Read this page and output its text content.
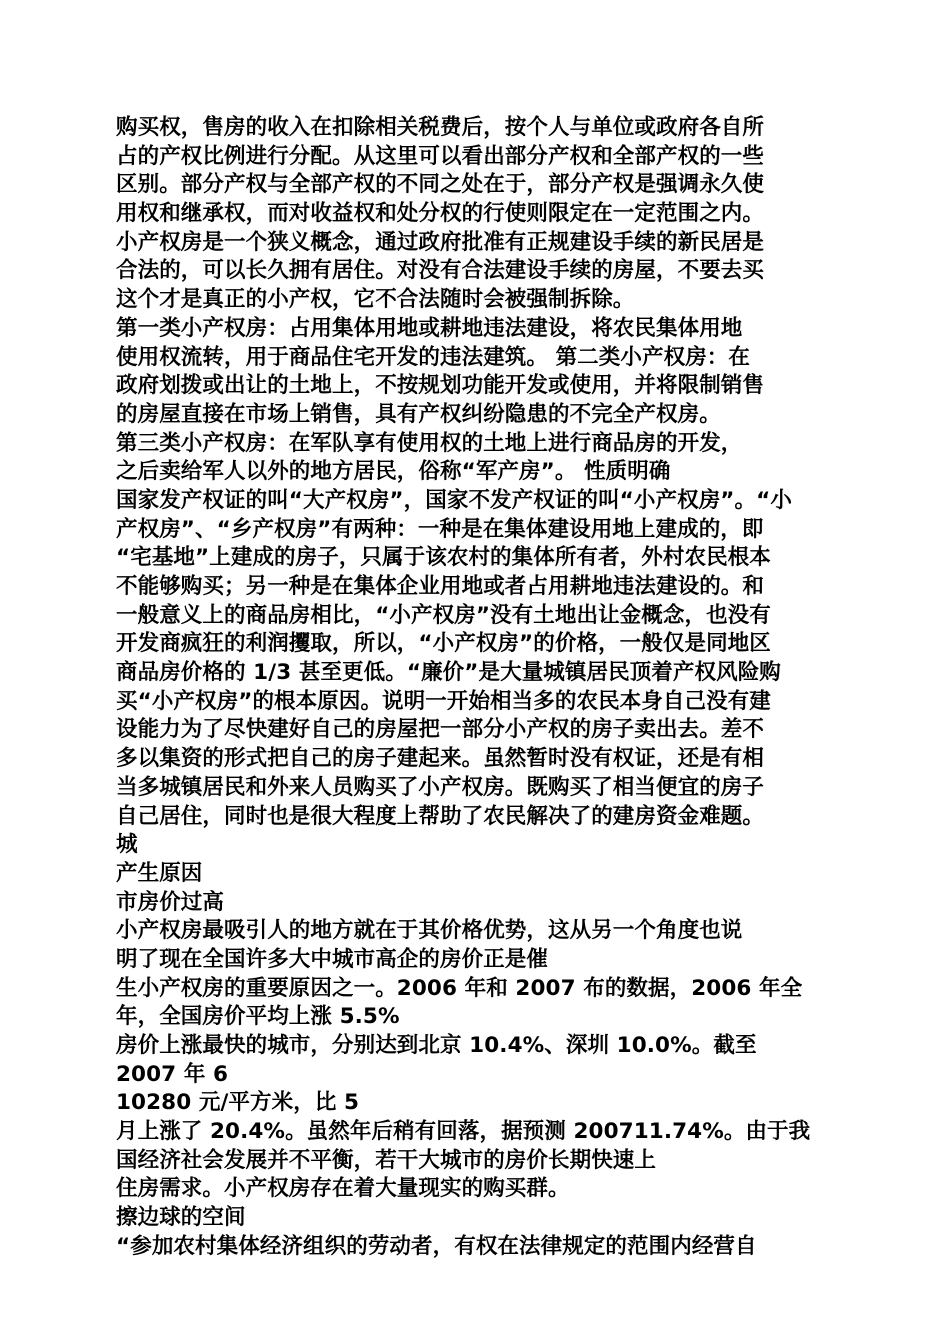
购买权，售房的收入在扣除相关税费后，按个人与单位或政府各自所
占的产权比例进行分配。从这里可以看出部分产权和全部产权的一些
区别。部分产权与全部产权的不同之处在于，部分产权是强调永久使
用权和继承权，而对收益权和处分权的行使则限定在一定范围之内。
小产权房是一个狭义概念，通过政府批准有正规建设手续的新民居是
合法的，可以长久拥有居住。对没有合法建设手续的房屋，不要去买
这个才是真正的小产权，它不合法随时会被强制拆除。
第一类小产权房：占用集体用地或耕地违法建设，将农民集体用地
使用权流转，用于商品住宅开发的违法建筑。 第二类小产权房：在
政府划拨或出让的土地上，不按规划功能开发或使用，并将限制销售
的房屋直接在市场上销售，具有产权纠纷隐患的不完全产权房。
第三类小产权房：在军队享有使用权的土地上进行商品房的开发，
之后卖给军人以外的地方居民，俗称“军产房”。 性质明确
国家发产权证的叫“大产权房”，国家不发产权证的叫“小产权房”。“小
产权房”、“乡产权房”有两种：一种是在集体建设用地上建成的，即
“宅基地”上建成的房子，只属于该农村的集体所有者，外村农民根本
不能够购买；另一种是在集体企业用地或者占用耕地违法建设的。和
一般意义上的商品房相比，“小产权房”没有土地出让金概念，也没有
开发商疯狂的利润攫取，所以，“小产权房”的价格，一般仅是同地区
商品房价格的 1/3 甚至更低。“廉价”是大量城镇居民顶着产权风险购
买“小产权房”的根本原因。说明一开始相当多的农民本身自己没有建
设能力为了尽快建好自己的房屋把一部分小产权的房子卖出去。差不
多以集资的形式把自己的房子建起来。虽然暂时没有权证，还是有相
当多城镇居民和外来人员购买了小产权房。既购买了相当便宜的房子
自己居住，同时也是很大程度上帮助了农民解决了的建房资金难题。
城
产生原因
市房价过高
小产权房最吸引人的地方就在于其价格优势，这从另一个角度也说
明了现在全国许多大中城市高企的房价正是催
生小产权房的重要原因之一。2006 年和 2007 布的数据，2006 年全
年，全国房价平均上涨 5.5%
房价上涨最快的城市，分别达到北京 10.4%、深圳 10.0%。截至
2007 年 6
10280 元/平方米，比 5
月上涨了 20.4%。虽然年后稍有回落，据预测 200711.74%。由于我
国经济社会发展并不平衡，若干大城市的房价长期快速上
住房需求。小产权房存在着大量现实的购买群。
擦边球的空间
“参加农村集体经济组织的劳动者，有权在法律规定的范围内经营自
